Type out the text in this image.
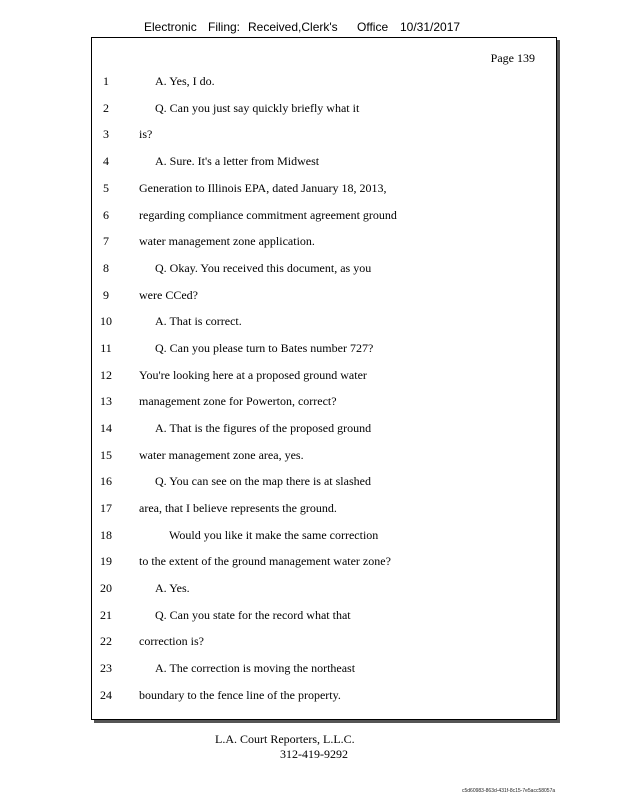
Electronic Filing: Received,Clerk's Office 10/31/2017
Page 139
1	A. Yes, I do.
2	Q. Can you just say quickly briefly what it
3	is?
4	A. Sure. It's a letter from Midwest
5	Generation to Illinois EPA, dated January 18, 2013,
6	regarding compliance commitment agreement ground
7	water management zone application.
8	Q. Okay. You received this document, as you
9	were CCed?
10	A. That is correct.
11	Q. Can you please turn to Bates number 727?
12	You're looking here at a proposed ground water
13	management zone for Powerton, correct?
14	A. That is the figures of the proposed ground
15	water management zone area, yes.
16	Q. You can see on the map there is at slashed
17	area, that I believe represents the ground.
18	Would you like it make the same correction
19	to the extent of the ground management water zone?
20	A. Yes.
21	Q. Can you state for the record what that
22	correction is?
23	A. The correction is moving the northeast
24	boundary to the fence line of the property.
L.A. Court Reporters, L.L.C.
312-419-9292
c5d60983-863d-431f-8c15-7e5acc58057a
